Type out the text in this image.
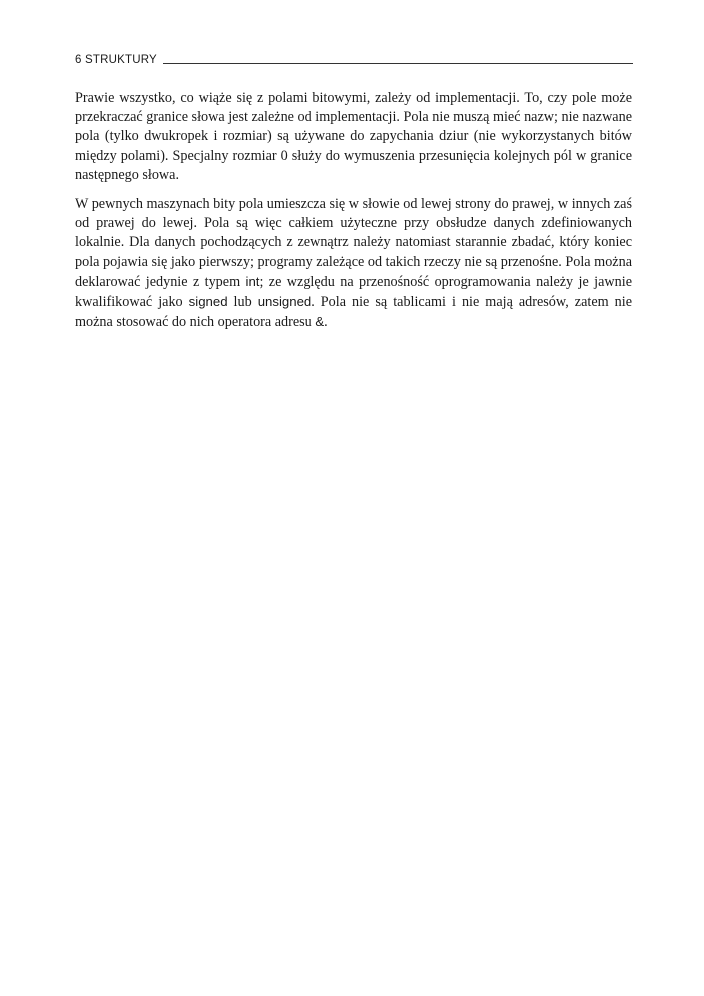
6 STRUKTURY

Prawie wszystko, co wiąże się z polami bitowymi, zależy od implementacji. To, czy pole może przekraczać granice słowa jest zależne od implementacji. Pola nie muszą mieć nazw; nie nazwane pola (tylko dwukropek i rozmiar) są używane do zapychania dziur (nie wykorzystanych bitów między polami). Specjalny rozmiar 0 służy do wymuszenia przesunięcia kolejnych pól w granice następnego słowa.

W pewnych maszynach bity pola umieszcza się w słowie od lewej strony do prawej, w innych zaś od prawej do lewej. Pola są więc całkiem użyteczne przy obsłudze danych zdefiniowanych lokalnie. Dla danych pochodzących z zewnątrz należy natomiast starannie zbadać, który koniec pola pojawia się jako pierwszy; programy zależące od takich rzeczy nie są przenośne. Pola można deklarować jedynie z typem int; ze względu na przenośność oprogramowania należy je jawnie kwalifikować jako signed lub unsigned. Pola nie są tablicami i nie mają adresów, zatem nie można stosować do nich operatora adresu &.
